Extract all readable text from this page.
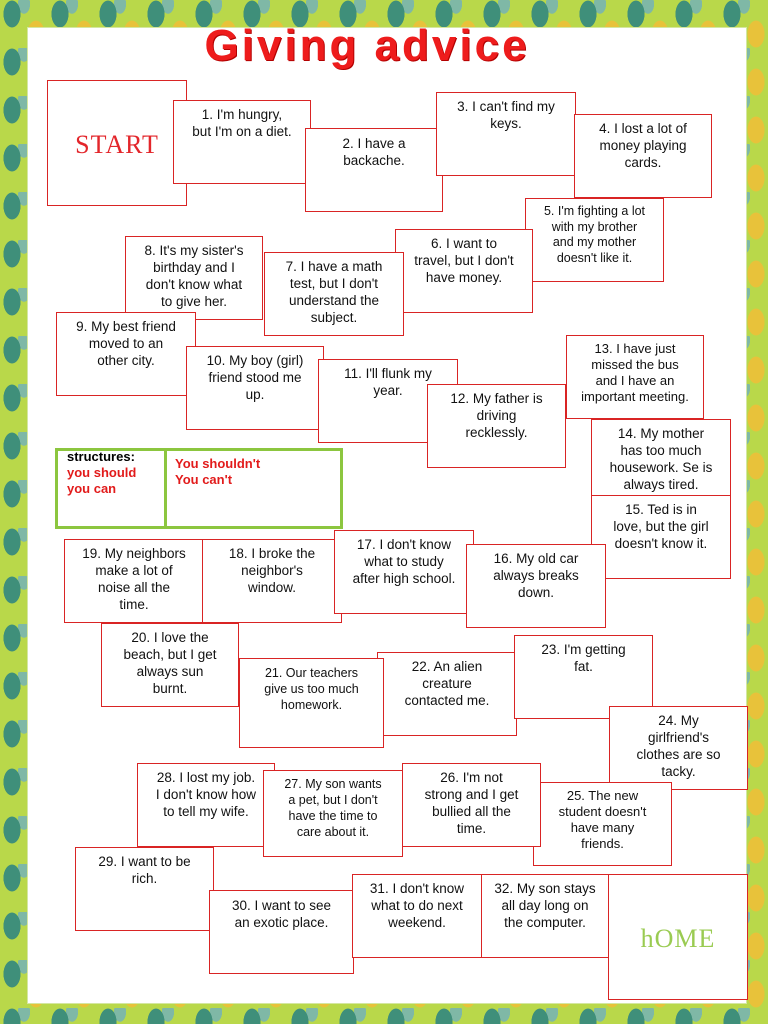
Giving advice
START
hOME
1. I'm hungry,
but I'm on a diet.
2. I have a
backache.
3. I can't find my
keys.	4. I lost a lot of
money playing
cards.
5. I'm fighting a lot
with my brother
and my mother
doesn't like it.
6. I want to
travel, but I don't
have money.
8. It's my sister's
birthday and I
don't know what
to give her.
7. I have a math
test, but I don't
understand the
subject.
9. My best friend
moved to an
other city.	10. My boy (girl)
friend stood me
up.
11. I'll flunk my
year.
13. I have just
missed the bus
and I have an
important meeting.
12. My father is
driving
recklessly.	14. My mother
has too much
housework. Se is
always tired.
15. Ted is in
love, but the girl
doesn't know it.
structures:
you should
you can
You shouldn't
You can't
19. My neighbors
make a lot of
noise all the
time.
18. I broke the
neighbor's
window.
17. I don't know
what to study
after high school.
16. My old car
always breaks
down.
20. I love the
beach, but I get
always sun
burnt.
22. An alien
creature
contacted me.
21. Our teachers
give us too much
homework.
23. I'm getting
fat.
24. My
girlfriend's
clothes are so
tacky.
28. I lost my job.
I don't know how
to tell my wife.
27. My son wants
a pet, but I don't
have the time to
care about it.
25. The new
student doesn't
have many
friends.
26. I'm not
strong and I get
bullied all the
time.
29. I want to be
rich.
30. I want to see
an exotic place.
31. I don't know
what to do next
weekend.
32. My son stays
all day long on
the computer.
